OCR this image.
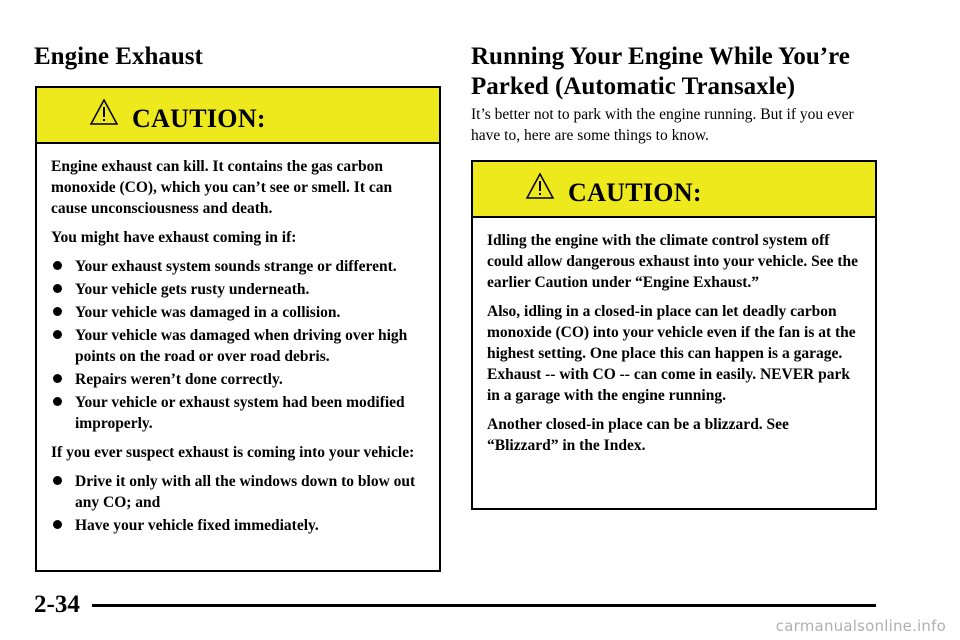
Engine Exhaust
CAUTION:

Engine exhaust can kill. It contains the gas carbon monoxide (CO), which you can’t see or smell. It can cause unconsciousness and death.

You might have exhaust coming in if:

Your exhaust system sounds strange or different.
Your vehicle gets rusty underneath.
Your vehicle was damaged in a collision.
Your vehicle was damaged when driving over high points on the road or over road debris.
Repairs weren’t done correctly.
Your vehicle or exhaust system had been modified improperly.

If you ever suspect exhaust is coming into your vehicle:

Drive it only with all the windows down to blow out any CO; and
Have your vehicle fixed immediately.
Running Your Engine While You’re Parked (Automatic Transaxle)

It’s better not to park with the engine running. But if you ever have to, here are some things to know.

CAUTION:

Idling the engine with the climate control system off could allow dangerous exhaust into your vehicle. See the earlier Caution under “Engine Exhaust.”

Also, idling in a closed-in place can let deadly carbon monoxide (CO) into your vehicle even if the fan is at the highest setting. One place this can happen is a garage. Exhaust -- with CO -- can come in easily. NEVER park in a garage with the engine running.

Another closed-in place can be a blizzard. See “Blizzard” in the Index.

2-34

carmanualsonline.info
